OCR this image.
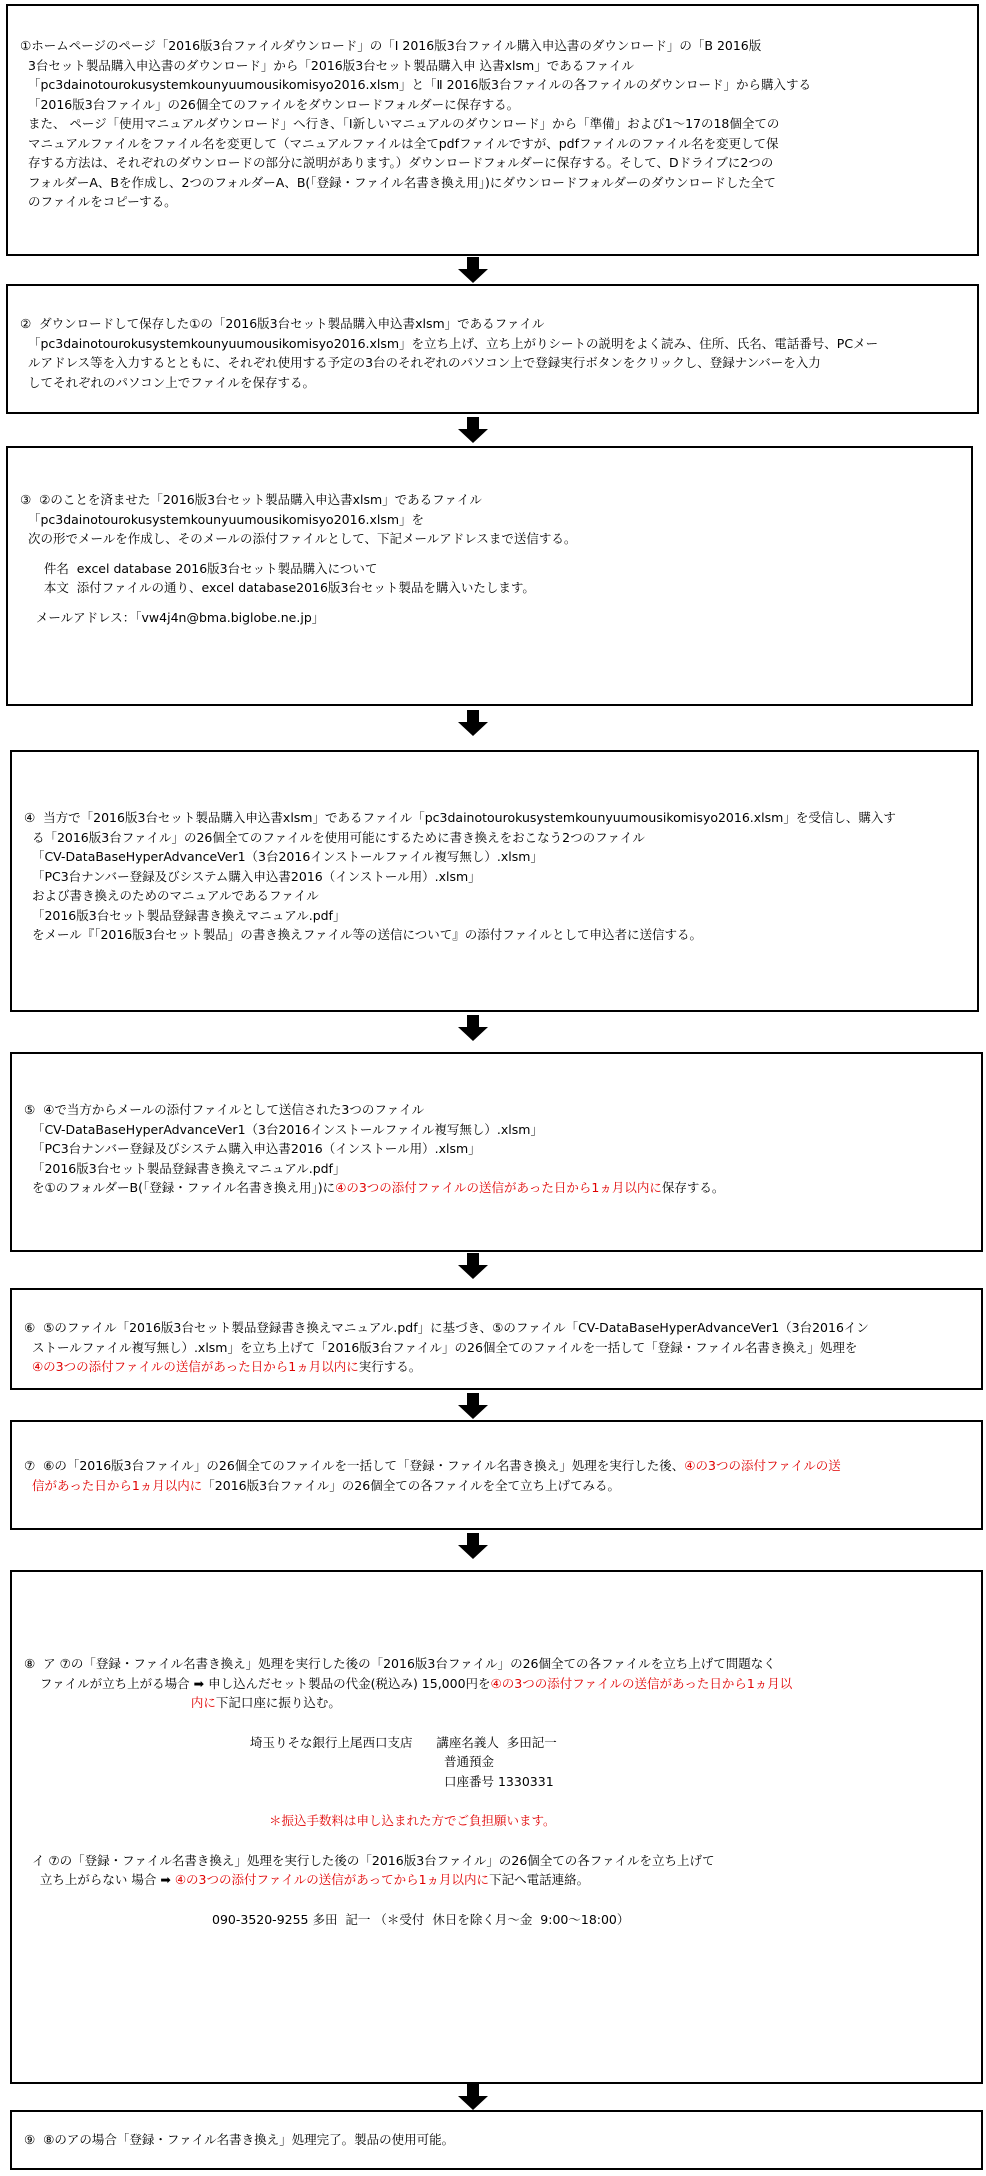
①ホームページのページ「2016版3台ファイルダウンロード」の「Ⅰ 2016版3台ファイル購入申込書のダウンロード」の「B 2016版

3台セット製品購入申込書のダウンロード」から「2016版3台セット製品購入申 込書xlsm」であるファイル

「pc3dainotourokusystemkounyuumousikomisyo2016.xlsm」と「Ⅱ 2016版3台ファイルの各ファイルのダウンロード」から購入する

「2016版3台ファイル」の26個全てのファイルをダウンロードフォルダーに保存する。

また、 ページ「使用マニュアルダウンロード」へ行き、「Ⅰ新しいマニュアルのダウンロード」から「準備」および1～17の18個全ての

マニュアルファイルをファイル名を変更して（マニュアルファイルは全てpdfファイルですが、pdfファイルのファイル名を変更して保

存する方法は、それぞれのダウンロードの部分に説明があります。）ダウンロードフォルダーに保存する。そして、Dドライブに2つの

フォルダーA、Bを作成し、2つのフォルダーA、B(「登録・ファイル名書き換え用」)にダウンロードフォルダーのダウンロードした全て

のファイルをコピーする。

②  ダウンロードして保存した①の「2016版3台セット製品購入申込書xlsm」であるファイル

「pc3dainotourokusystemkounyuumousikomisyo2016.xlsm」を立ち上げ、立ち上がりシートの説明をよく読み、住所、氏名、電話番号、PCメー

ルアドレス等を入力するとともに、それぞれ使用する予定の3台のそれぞれのパソコン上で登録実行ボタンをクリックし、登録ナンバーを入力

してそれぞれのパソコン上でファイルを保存する。

③  ②のことを済ませた「2016版3台セット製品購入申込書xlsm」であるファイル

「pc3dainotourokusystemkounyuumousikomisyo2016.xlsm」を

次の形でメールを作成し、そのメールの添付ファイルとして、下記メールアドレスまで送信する。

件名  excel database 2016版3台セット製品購入について

本文  添付ファイルの通り、excel database2016版3台セット製品を購入いたします。

メールアドレス：「vw4j4n@bma.biglobe.ne.jp」

④  当方で「2016版3台セット製品購入申込書xlsm」であるファイル「pc3dainotourokusystemkounyuumousikomisyo2016.xlsm」を受信し、購入す

る「2016版3台ファイル」の26個全てのファイルを使用可能にするために書き換えをおこなう2つのファイル

「CV-DataBaseHyperAdvanceVer1（3台2016インストールファイル複写無し）.xlsm」

「PC3台ナンバー登録及びシステム購入申込書2016（インストール用）.xlsm」

および書き換えのためのマニュアルであるファイル

「2016版3台セット製品登録書き換えマニュアル.pdf」

をメール『「2016版3台セット製品」の書き換えファイル等の送信について』の添付ファイルとして申込者に送信する。

⑤  ④で当方からメールの添付ファイルとして送信された3つのファイル

「CV-DataBaseHyperAdvanceVer1（3台2016インストールファイル複写無し）.xlsm」

「PC3台ナンバー登録及びシステム購入申込書2016（インストール用）.xlsm」

「2016版3台セット製品登録書き換えマニュアル.pdf」

を①のフォルダーB(「登録・ファイル名書き換え用」)に④の3つの添付ファイルの送信があった日から1ヵ月以内に保存する。

⑥  ⑤のファイル「2016版3台セット製品登録書き換えマニュアル.pdf」に基づき、⑤のファイル「CV-DataBaseHyperAdvanceVer1（3台2016イン

ストールファイル複写無し）.xlsm」を立ち上げて「2016版3台ファイル」の26個全てのファイルを一括して「登録・ファイル名書き換え」処理を

④の3つの添付ファイルの送信があった日から1ヵ月以内に実行する。

⑦  ⑥の「2016版3台ファイル」の26個全てのファイルを一括して「登録・ファイル名書き換え」処理を実行した後、④の3つの添付ファイルの送

信があった日から1ヵ月以内に「2016版3台ファイル」の26個全ての各ファイルを全て立ち上げてみる。

⑧  ア ⑦の「登録・ファイル名書き換え」処理を実行した後の「2016版3台ファイル」の26個全ての各ファイルを立ち上げて問題なく

ファイルが立ち上がる場合 ➡ 申し込んだセット製品の代金(税込み) 15,000円を④の3つの添付ファイルの送信があった日から1ヵ月以

内に下記口座に振り込む。

埼玉りそな銀行上尾西口支店      講座名義人  多田記一

普通預金

口座番号 1330331

＊振込手数料は申し込まれた方でご負担願います。

イ ⑦の「登録・ファイル名書き換え」処理を実行した後の「2016版3台ファイル」の26個全ての各ファイルを立ち上げて

立ち上がらない 場合 ➡ ④の3つの添付ファイルの送信があってから1ヵ月以内に下記へ電話連絡。

090-3520-9255 多田  記一 （＊受付  休日を除く月～金  9:00～18:00）

⑨  ⑧のアの場合「登録・ファイル名書き換え」処理完了。製品の使用可能。
